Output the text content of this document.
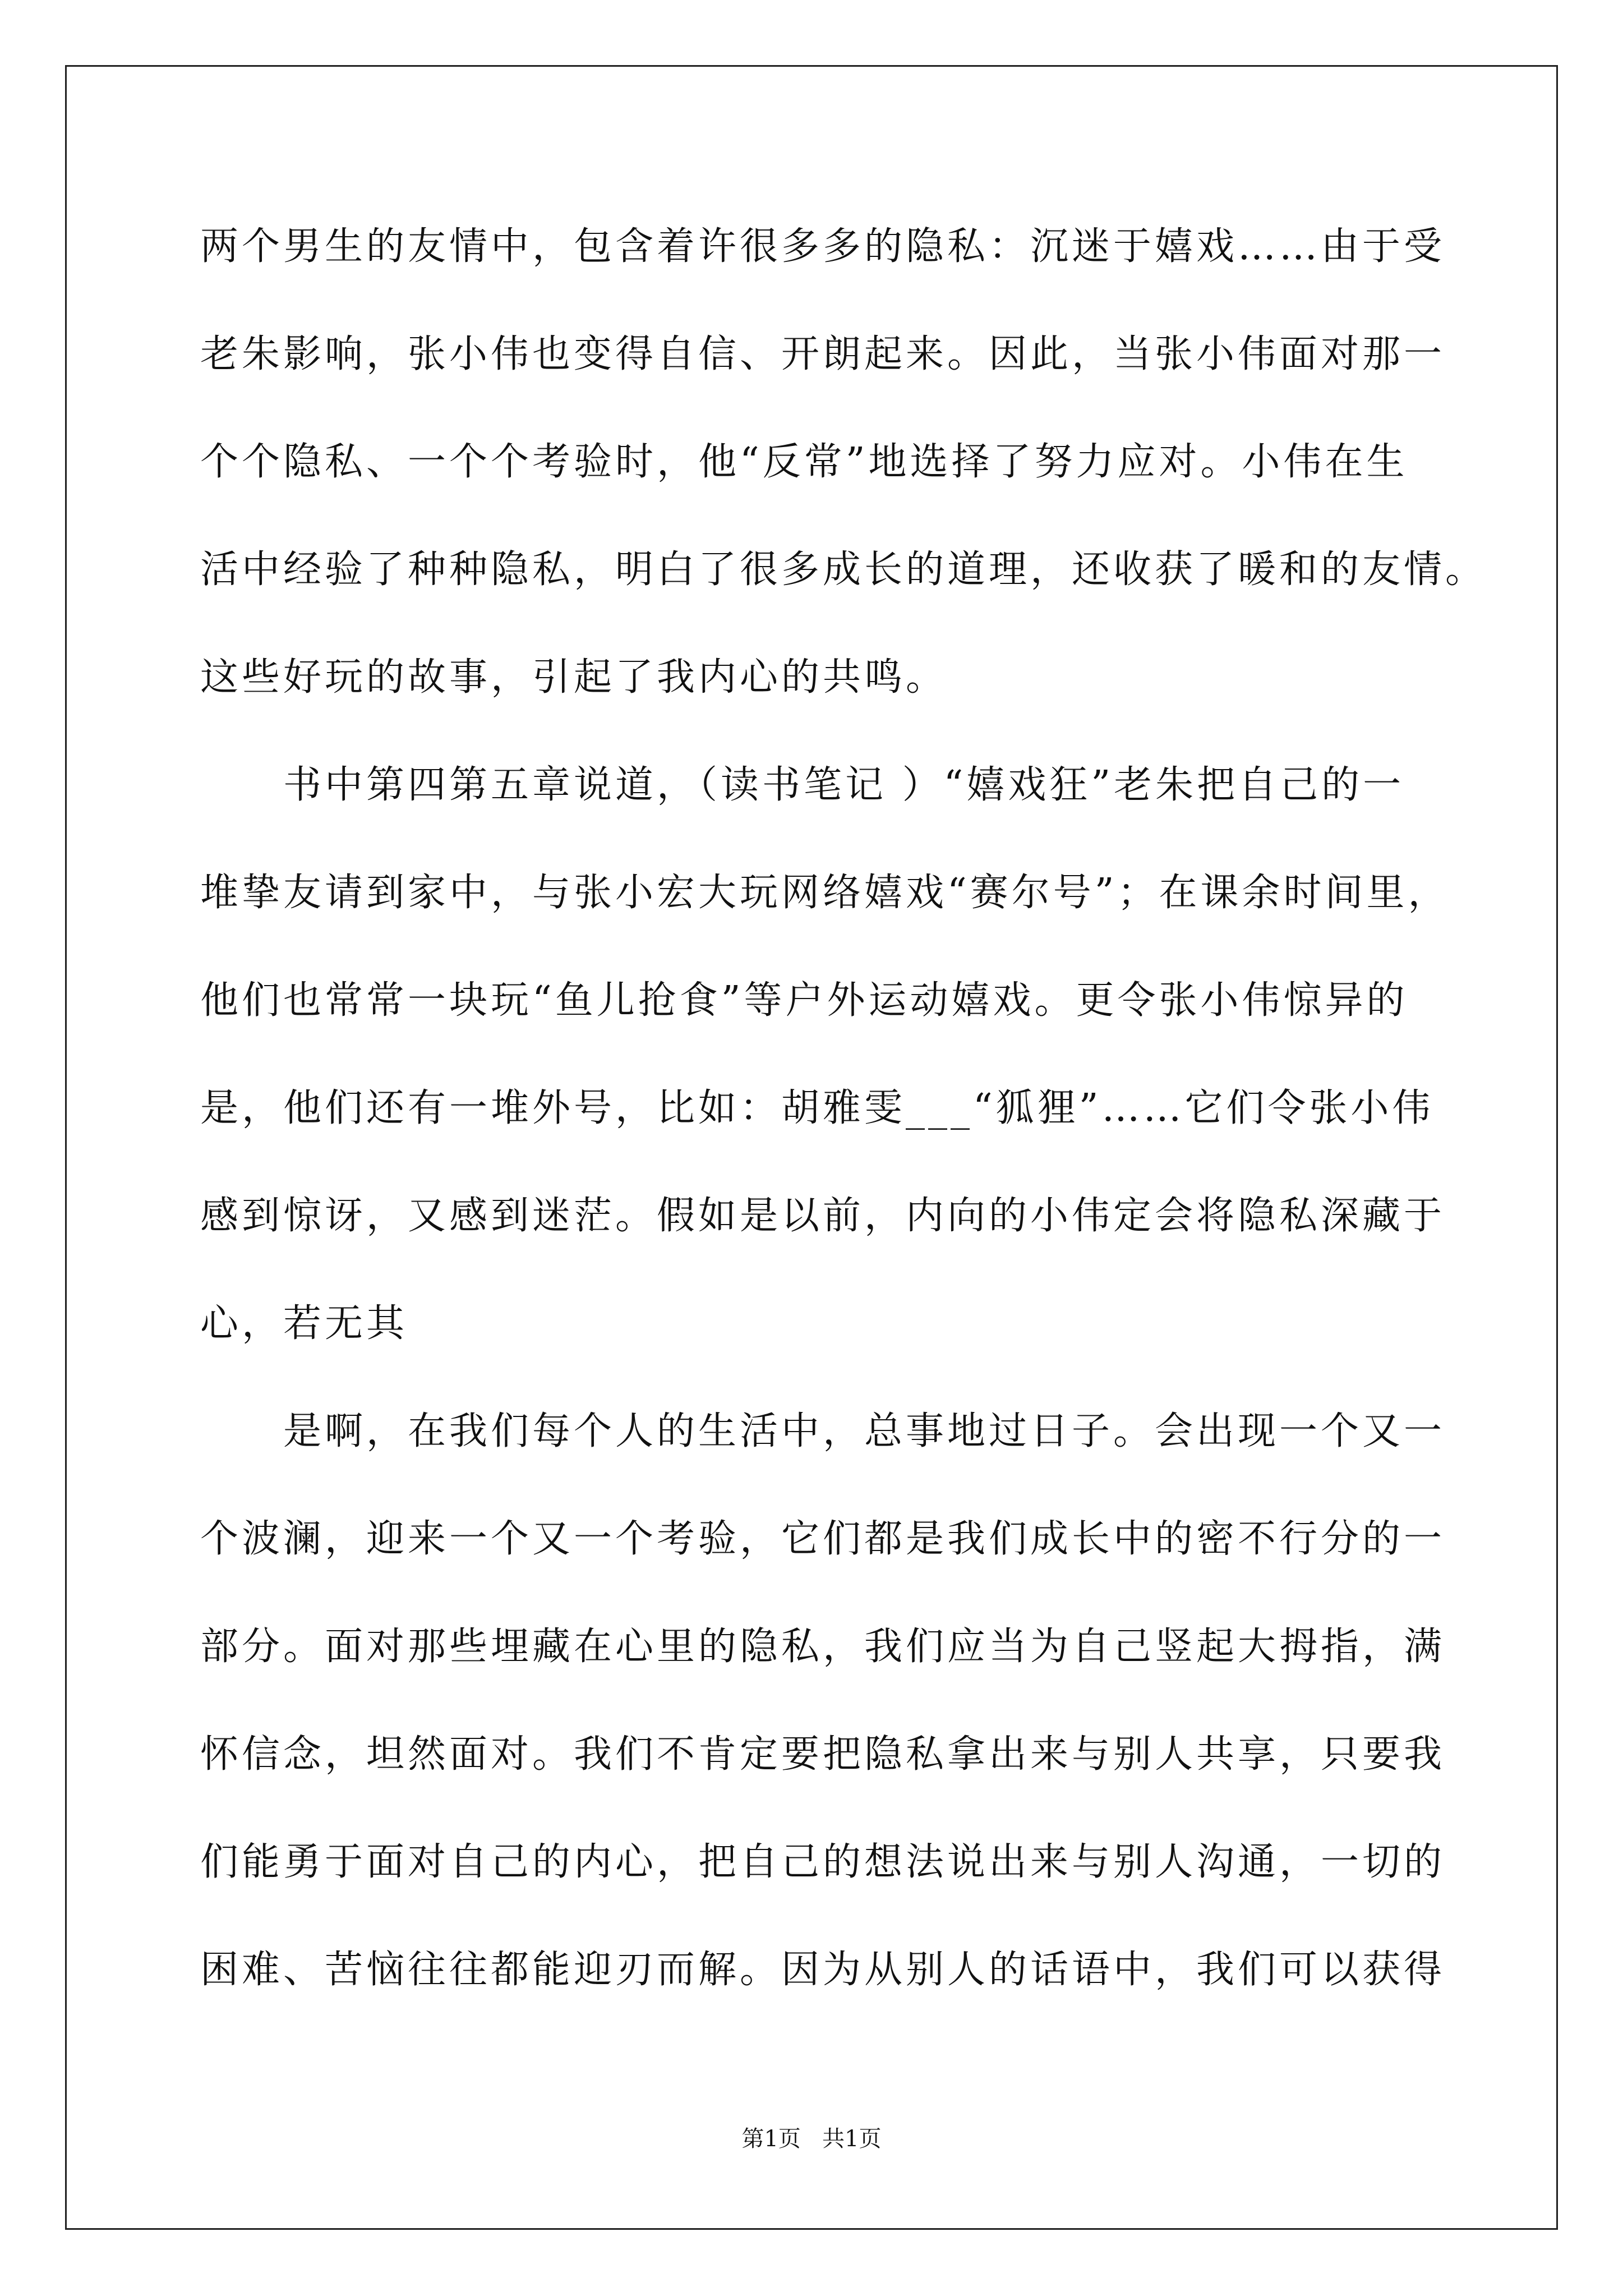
两个男生的友情中，包含着许很多多的隐私：沉迷于嬉戏……由于受
老朱影响，张小伟也变得自信、开朗起来。因此，当张小伟面对那一
个个隐私、一个个考验时，他“反常”地选择了努力应对。小伟在生
活中经验了种种隐私，明白了很多成长的道理，还收获了暖和的友情。
这些好玩的故事，引起了我内心的共鸣。
　　书中第四第五章说道，（读书笔记 ）“嬉戏狂”老朱把自己的一
堆挚友请到家中，与张小宏大玩网络嬉戏“赛尔号”；在课余时间里，
他们也常常一块玩“鱼儿抢食”等户外运动嬉戏。更令张小伟惊异的
是，他们还有一堆外号，比如：胡雅雯___“狐狸”……它们令张小伟
感到惊讶，又感到迷茫。假如是以前，内向的小伟定会将隐私深藏于
心，若无其
　　是啊，在我们每个人的生活中，总事地过日子。会出现一个又一
个波澜，迎来一个又一个考验，它们都是我们成长中的密不行分的一
部分。面对那些埋藏在心里的隐私，我们应当为自己竖起大拇指，满
怀信念，坦然面对。我们不肯定要把隐私拿出来与别人共享，只要我
们能勇于面对自己的内心，把自己的想法说出来与别人沟通，一切的
困难、苦恼往往都能迎刃而解。因为从别人的话语中，我们可以获得
第1页   共1页
